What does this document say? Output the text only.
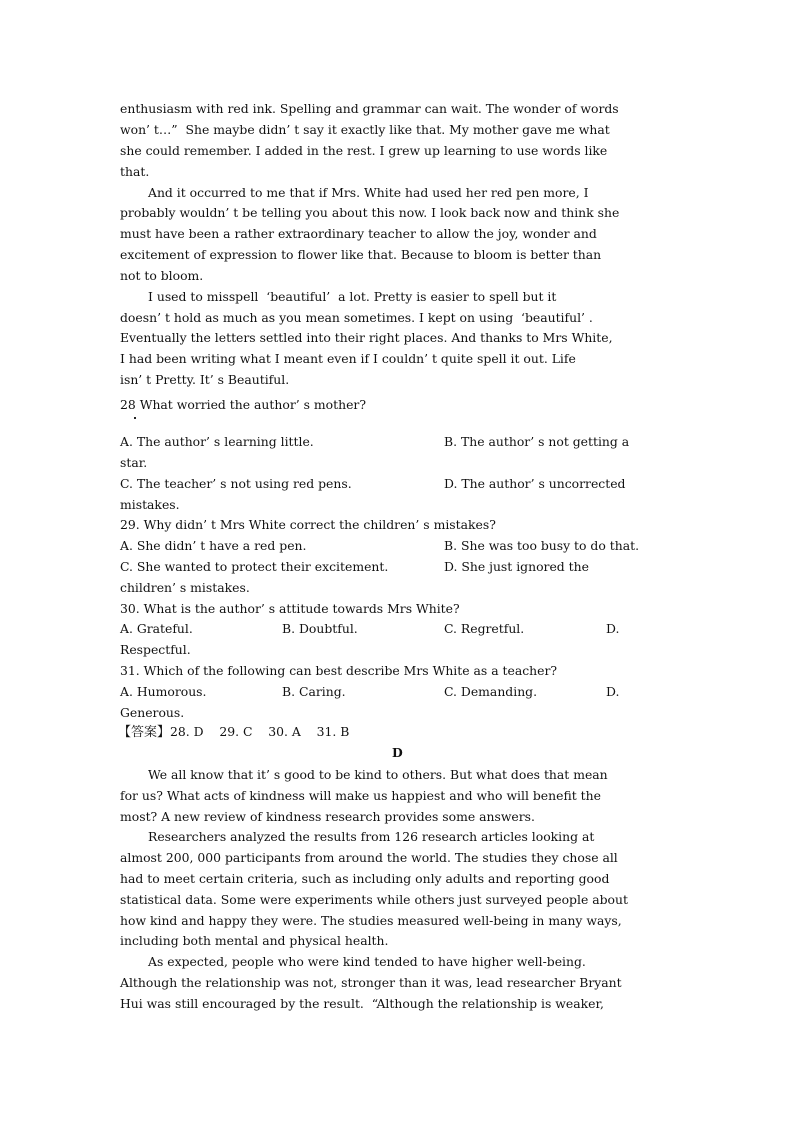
enthusiasm with red ink. Spelling and grammar can wait. The wonder of words
won’ t…”  She maybe didn’ t say it exactly like that. My mother gave me what
she could remember. I added in the rest. I grew up learning to use words like
that.
And it occurred to me that if Mrs. White had used her red pen more, I
probably wouldn’ t be telling you about this now. I look back now and think she
must have been a rather extraordinary teacher to allow the joy, wonder and
excitement of expression to flower like that. Because to bloom is better than
not to bloom.
I used to misspell  ‘beautiful’  a lot. Pretty is easier to spell but it
doesn’ t hold as much as you mean sometimes. I kept on using  ‘beautiful’ .
Eventually the letters settled into their right places. And thanks to Mrs White,
I had been writing what I meant even if I couldn’ t quite spell it out. Life
isn’ t Pretty. It’ s Beautiful.
28 What worried the author’ s mother?
A. The author’ s learning little.	B. The author’ s not getting a
star.
C. The teacher’ s not using red pens.	D. The author’ s uncorrected
mistakes.
29. Why didn’ t Mrs White correct the children’ s mistakes?
A. She didn’ t have a red pen.	B. She was too busy to do that.
C. She wanted to protect their excitement.	D. She just ignored the
children’ s mistakes.
30. What is the author’ s attitude towards Mrs White?
A. Grateful.	B. Doubtful.	C. Regretful.	D.
Respectful.
31. Which of the following can best describe Mrs White as a teacher?
A. Humorous.	B. Caring.	C. Demanding.	D.
Generous.
【答案】28. D    29. C    30. A    31. B
D
We all know that it’ s good to be kind to others. But what does that mean
for us? What acts of kindness will make us happiest and who will benefit the
most? A new review of kindness research provides some answers.
Researchers analyzed the results from 126 research articles looking at
almost 200, 000 participants from around the world. The studies they chose all
had to meet certain criteria, such as including only adults and reporting good
statistical data. Some were experiments while others just surveyed people about
how kind and happy they were. The studies measured well-being in many ways,
including both mental and physical health.
As expected, people who were kind tended to have higher well-being.
Although the relationship was not, stronger than it was, lead researcher Bryant
Hui was still encouraged by the result.  “Although the relationship is weaker,
